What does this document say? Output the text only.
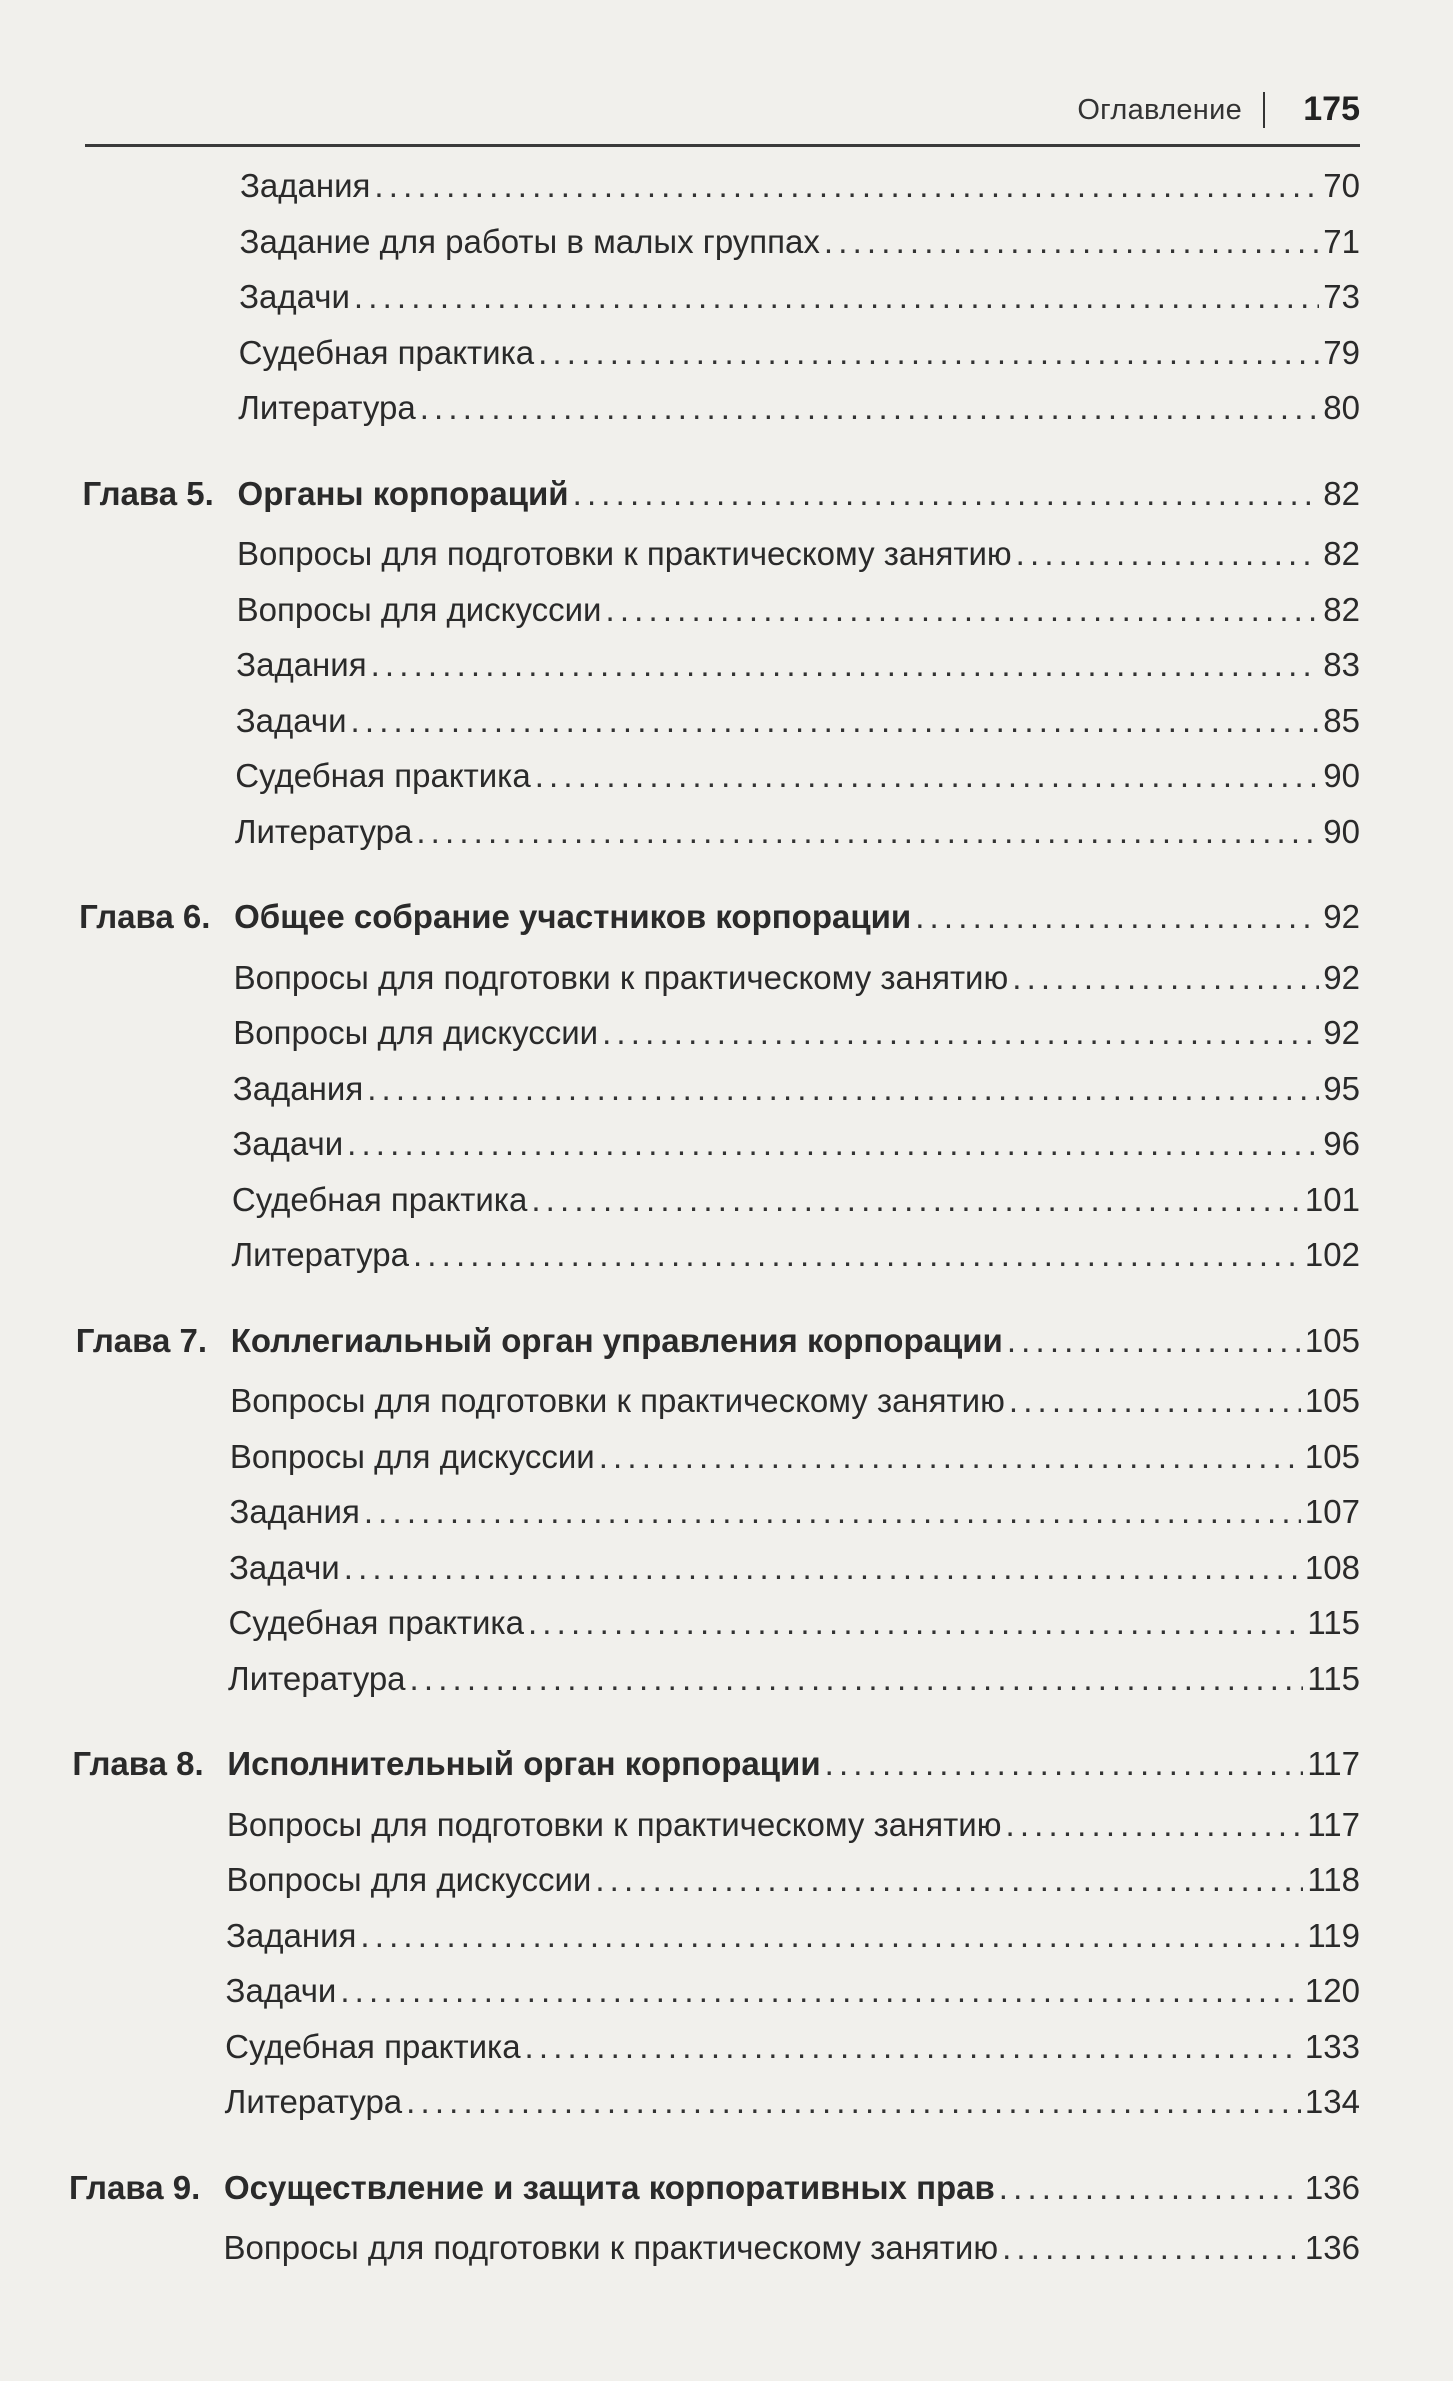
Оглавление 175
Задания . . .	70
Задание для работы в малых группах . . .	71
Задачи . . .	73
Судебная практика . . .	79
Литература . . .	80
Глава 5. Органы корпораций . . .	82
Вопросы для подготовки к практическому занятию . . .	82
Вопросы для дискуссии . . .	82
Задания . . .	83
Задачи . . .	85
Судебная практика . . .	90
Литература . . .	90
Глава 6. Общее собрание участников корпорации . . .	92
Вопросы для подготовки к практическому занятию . . .	92
Вопросы для дискуссии . . .	92
Задания . . .	95
Задачи . . .	96
Судебная практика . . .	101
Литература . . .	102
Глава 7. Коллегиальный орган управления корпорации . . .	105
Вопросы для подготовки к практическому занятию . . .	105
Вопросы для дискуссии . . .	105
Задания . . .	107
Задачи . . .	108
Судебная практика . . .	115
Литература . . .	115
Глава 8. Исполнительный орган корпорации . . .	117
Вопросы для подготовки к практическому занятию . . .	117
Вопросы для дискуссии . . .	118
Задания . . .	119
Задачи . . .	120
Судебная практика . . .	133
Литература . . .	134
Глава 9. Осуществление и защита корпоративных прав . . .	136
Вопросы для подготовки к практическому занятию . . .	136
